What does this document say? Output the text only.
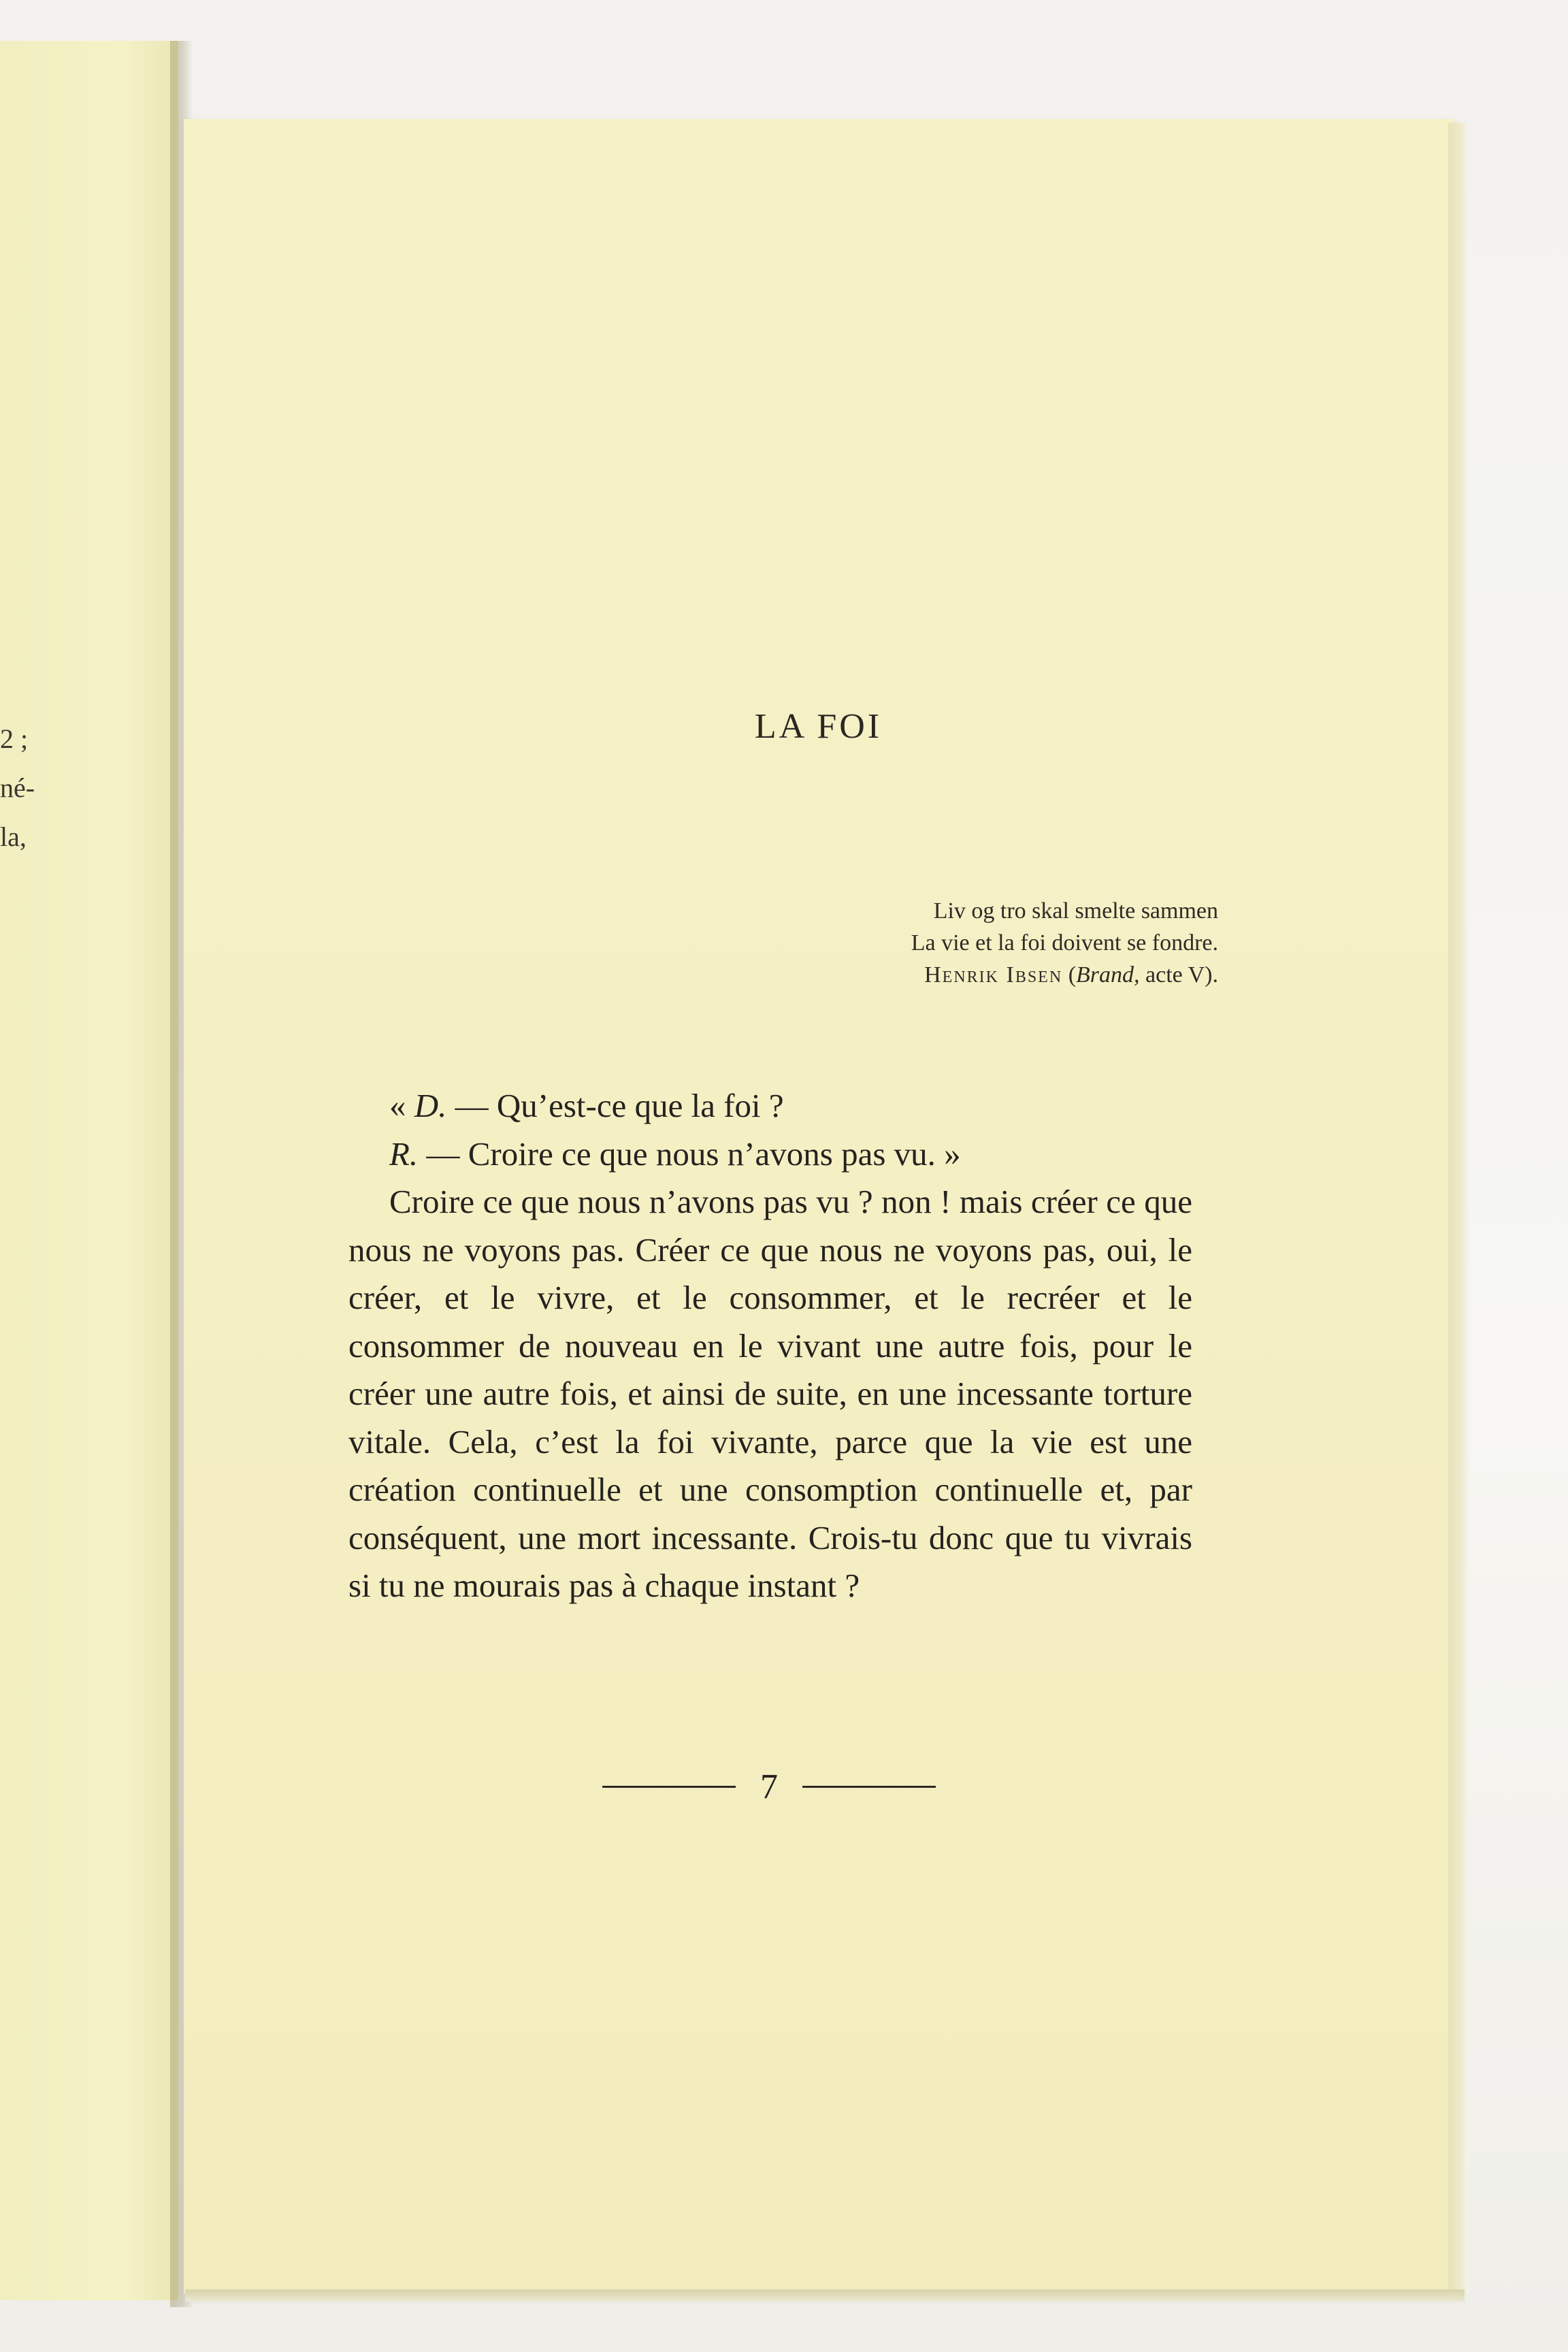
2 ;
né-
la,
LA FOI
Liv og tro skal smelte sammen
La vie et la foi doivent se fondre.
Henrik Ibsen (Brand, acte V).

« D. — Qu’est-ce que la foi ?

R. — Croire ce que nous n’avons pas vu. »

Croire ce que nous n’avons pas vu ? non ! mais créer ce que nous ne voyons pas. Créer ce que nous ne voyons pas, oui, le créer, et le vivre, et le consommer, et le recréer et le consommer de nouveau en le vivant une autre fois, pour le créer une autre fois, et ainsi de suite, en une incessante torture vitale. Cela, c’est la foi vivante, parce que la vie est une création continuelle et une consomption continuelle et, par conséquent, une mort incessante. Crois-tu donc que tu vivrais si tu ne mourais pas à chaque instant ?

7
